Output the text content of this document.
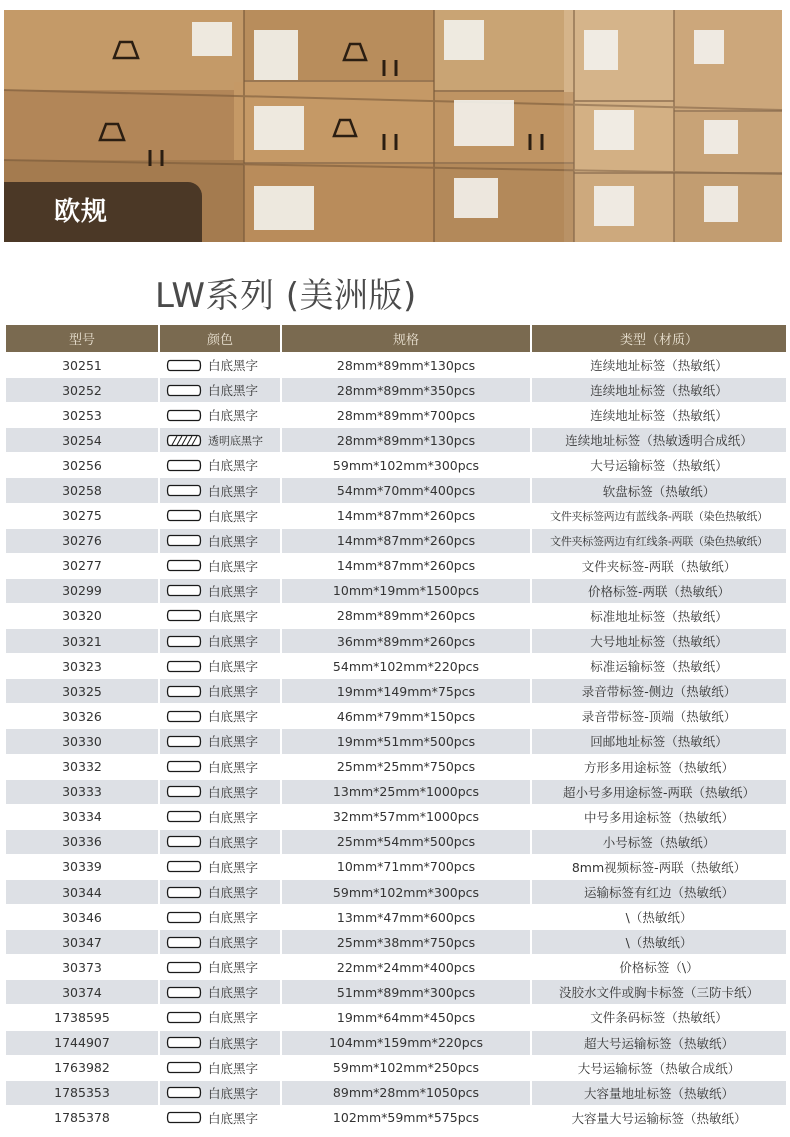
欧规
LW系列 (美洲版)
型号	颜色	规格	类型（材质）
30251	白底黑字	28mm*89mm*130pcs	连续地址标签（热敏纸）
30252	白底黑字	28mm*89mm*350pcs	连续地址标签（热敏纸）
30253	白底黑字	28mm*89mm*700pcs	连续地址标签（热敏纸）
30254	透明底黑字	28mm*89mm*130pcs	连续地址标签（热敏透明合成纸）
30256	白底黑字	59mm*102mm*300pcs	大号运输标签（热敏纸）
30258	白底黑字	54mm*70mm*400pcs	软盘标签（热敏纸）
30275	白底黑字	14mm*87mm*260pcs	文件夹标签两边有蓝线条-两联（染色热敏纸）
30276	白底黑字	14mm*87mm*260pcs	文件夹标签两边有红线条-两联（染色热敏纸）
30277	白底黑字	14mm*87mm*260pcs	文件夹标签-两联（热敏纸）
30299	白底黑字	10mm*19mm*1500pcs	价格标签-两联（热敏纸）
30320	白底黑字	28mm*89mm*260pcs	标准地址标签（热敏纸）
30321	白底黑字	36mm*89mm*260pcs	大号地址标签（热敏纸）
30323	白底黑字	54mm*102mm*220pcs	标准运输标签（热敏纸）
30325	白底黑字	19mm*149mm*75pcs	录音带标签-侧边（热敏纸）
30326	白底黑字	46mm*79mm*150pcs	录音带标签-顶端（热敏纸）
30330	白底黑字	19mm*51mm*500pcs	回邮地址标签（热敏纸）
30332	白底黑字	25mm*25mm*750pcs	方形多用途标签（热敏纸）
30333	白底黑字	13mm*25mm*1000pcs	超小号多用途标签-两联（热敏纸）
30334	白底黑字	32mm*57mm*1000pcs	中号多用途标签（热敏纸）
30336	白底黑字	25mm*54mm*500pcs	小号标签（热敏纸）
30339	白底黑字	10mm*71mm*700pcs	8mm视频标签-两联（热敏纸）
30344	白底黑字	59mm*102mm*300pcs	运输标签有红边（热敏纸）
30346	白底黑字	13mm*47mm*600pcs	\（热敏纸）
30347	白底黑字	25mm*38mm*750pcs	\（热敏纸）
30373	白底黑字	22mm*24mm*400pcs	价格标签（\）
30374	白底黑字	51mm*89mm*300pcs	没胶水文件或胸卡标签（三防卡纸）
1738595	白底黑字	19mm*64mm*450pcs	文件条码标签（热敏纸）
1744907	白底黑字	104mm*159mm*220pcs	超大号运输标签（热敏纸）
1763982	白底黑字	59mm*102mm*250pcs	大号运输标签（热敏合成纸）
1785353	白底黑字	89mm*28mm*1050pcs	大容量地址标签（热敏纸）
1785378	白底黑字	102mm*59mm*575pcs	大容量大号运输标签（热敏纸）
